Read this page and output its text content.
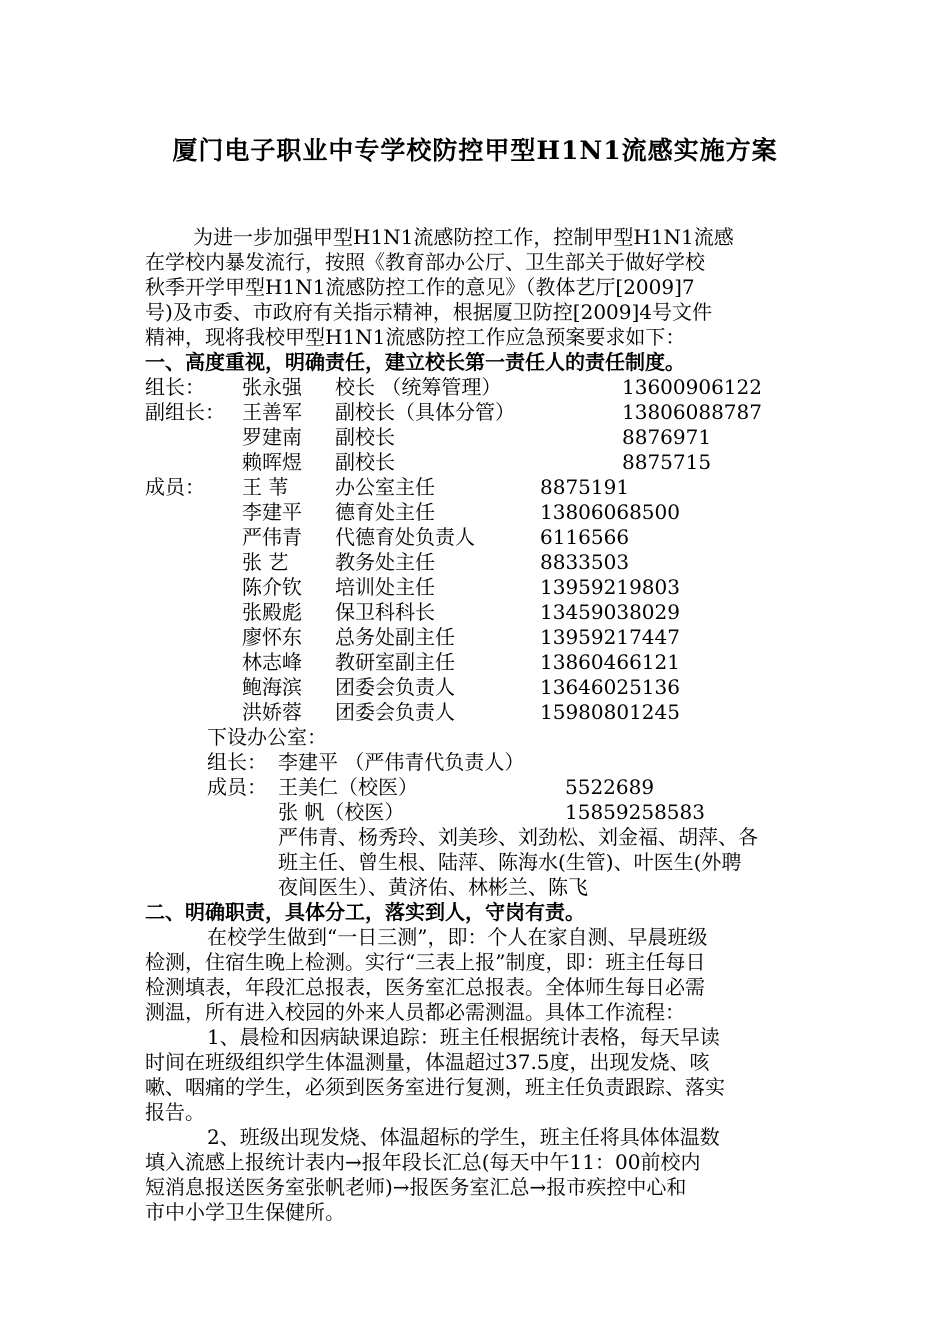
厦门电子职业中专学校防控甲型H1N1流感实施方案
为进一步加强甲型H1N1流感防控工作，控制甲型H1N1流感
在学校内暴发流行，按照《教育部办公厅、卫生部关于做好学校
秋季开学甲型H1N1流感防控工作的意见》（教体艺厅[2009]7
号)及市委、市政府有关指示精神，根据厦卫防控[2009]4号文件
精神，现将我校甲型H1N1流感防控工作应急预案要求如下：
一、高度重视，明确责任，建立校长第一责任人的责任制度。
组长： 张永强 校长 （统筹管理）	13600906122
副组长： 王善军 副校长（具体分管）	13806088787
罗建南 副校长	8876971
赖晖煜 副校长	8875715
成员： 王 苇 办公室主任	8875191
李建平 德育处主任	13806068500
严伟青 代德育处负责人	6116566
张 艺 教务处主任	8833503
陈介钦 培训处主任	13959219803
张殿彪 保卫科科长	13459038029
廖怀东 总务处副主任	13959217447
林志峰 教研室副主任	13860466121
鲍海滨 团委会负责人	13646025136
洪娇蓉 团委会负责人	15980801245
下设办公室：
组长： 李建平 （严伟青代负责人）
成员： 王美仁（校医）	5522689
张 帆（校医）	15859258583
严伟青、杨秀玲、刘美珍、刘劲松、刘金福、胡萍、各
班主任、曾生根、陆萍、陈海水(生管)、叶医生(外聘
夜间医生）、黄济佑、林彬兰、陈飞
二、明确职责，具体分工，落实到人，守岗有责。
在校学生做到“一日三测”，即：个人在家自测、早晨班级
检测，住宿生晚上检测。实行“三表上报”制度，即：班主任每日
检测填表，年段汇总报表，医务室汇总报表。全体师生每日必需
测温，所有进入校园的外来人员都必需测温。具体工作流程：
1、晨检和因病缺课追踪：班主任根据统计表格，每天早读
时间在班级组织学生体温测量，体温超过37.5度，出现发烧、咳
嗽、咽痛的学生，必须到医务室进行复测，班主任负责跟踪、落实
报告。
2、班级出现发烧、体温超标的学生，班主任将具体体温数
填入流感上报统计表内→报年段长汇总(每天中午11：00前校内
短消息报送医务室张帆老师)→报医务室汇总→报市疾控中心和
市中小学卫生保健所。
